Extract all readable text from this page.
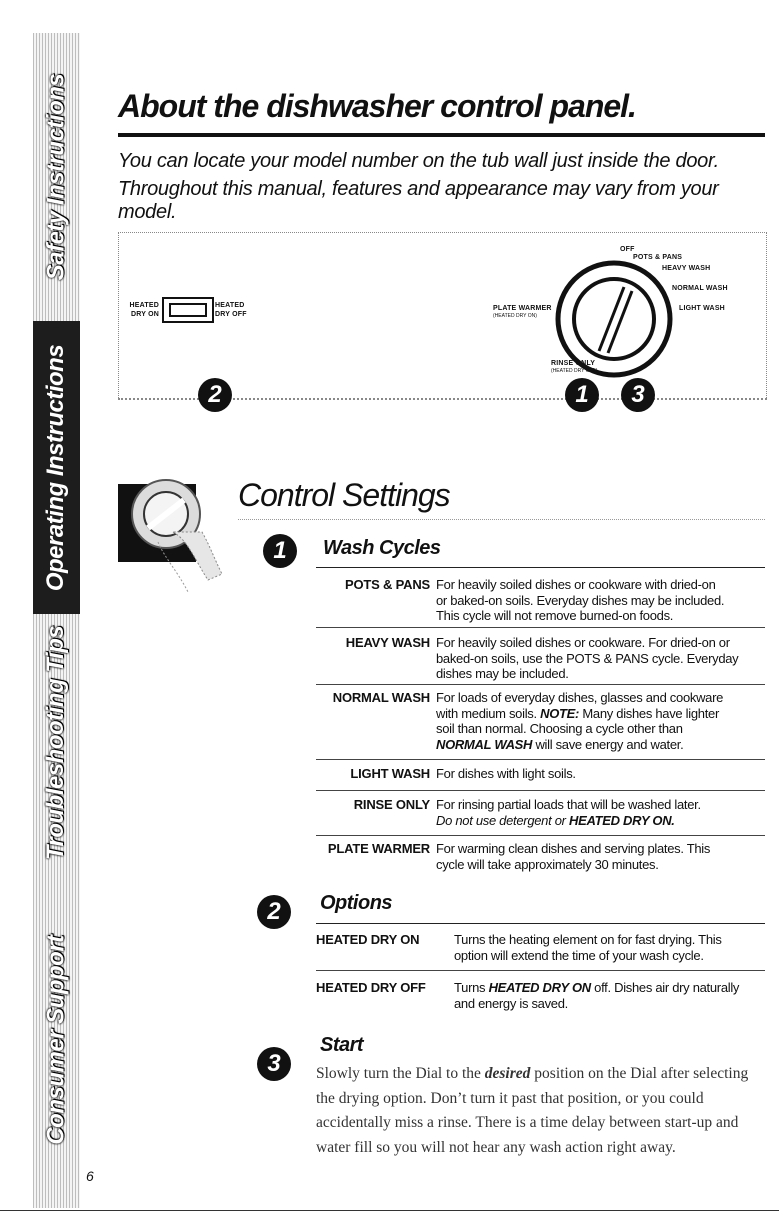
Safety Instructions
Operating Instructions
Troubleshooting Tips
Consumer Support
About the dishwasher control panel.
You can locate your model number on the tub wall just inside the door.
Throughout this manual, features and appearance may vary from your model.
HEATED
DRY ON
HEATED
DRY OFF
OFF
POTS & PANS
HEAVY WASH
NORMAL WASH
LIGHT WASH
PLATE WARMER
(HEATED DRY ON)
RINSE ONLY
(HEATED DRY OFF)
2	1	3
Control Settings
1	Wash Cycles
POTS & PANS For heavily soiled dishes or cookware with dried-on
or baked-on soils. Everyday dishes may be included.
This cycle will not remove burned-on foods.
HEAVY WASH For heavily soiled dishes or cookware. For dried-on or
baked-on soils, use the POTS & PANS cycle. Everyday
dishes may be included.
NORMAL WASH For loads of everyday dishes, glasses and cookware
with medium soils. NOTE: Many dishes have lighter
soil than normal. Choosing a cycle other than
NORMAL WASH will save energy and water.
LIGHT WASH For dishes with light soils.
RINSE ONLY For rinsing partial loads that will be washed later.
Do not use detergent or HEATED DRY ON.
PLATE WARMER For warming clean dishes and serving plates. This
cycle will take approximately 30 minutes.
2	Options
HEATED DRY ON	Turns the heating element on for fast drying. This
option will extend the time of your wash cycle.
HEATED DRY OFF Turns HEATED DRY ON off. Dishes air dry naturally
and energy is saved.
3
Start

Slowly turn the Dial to the desired position on the Dial after selecting the drying option. Don’t turn it past that position, or you could accidentally miss a rinse. There is a time delay between start-up and water fill so you will not hear any wash action right away.

6
